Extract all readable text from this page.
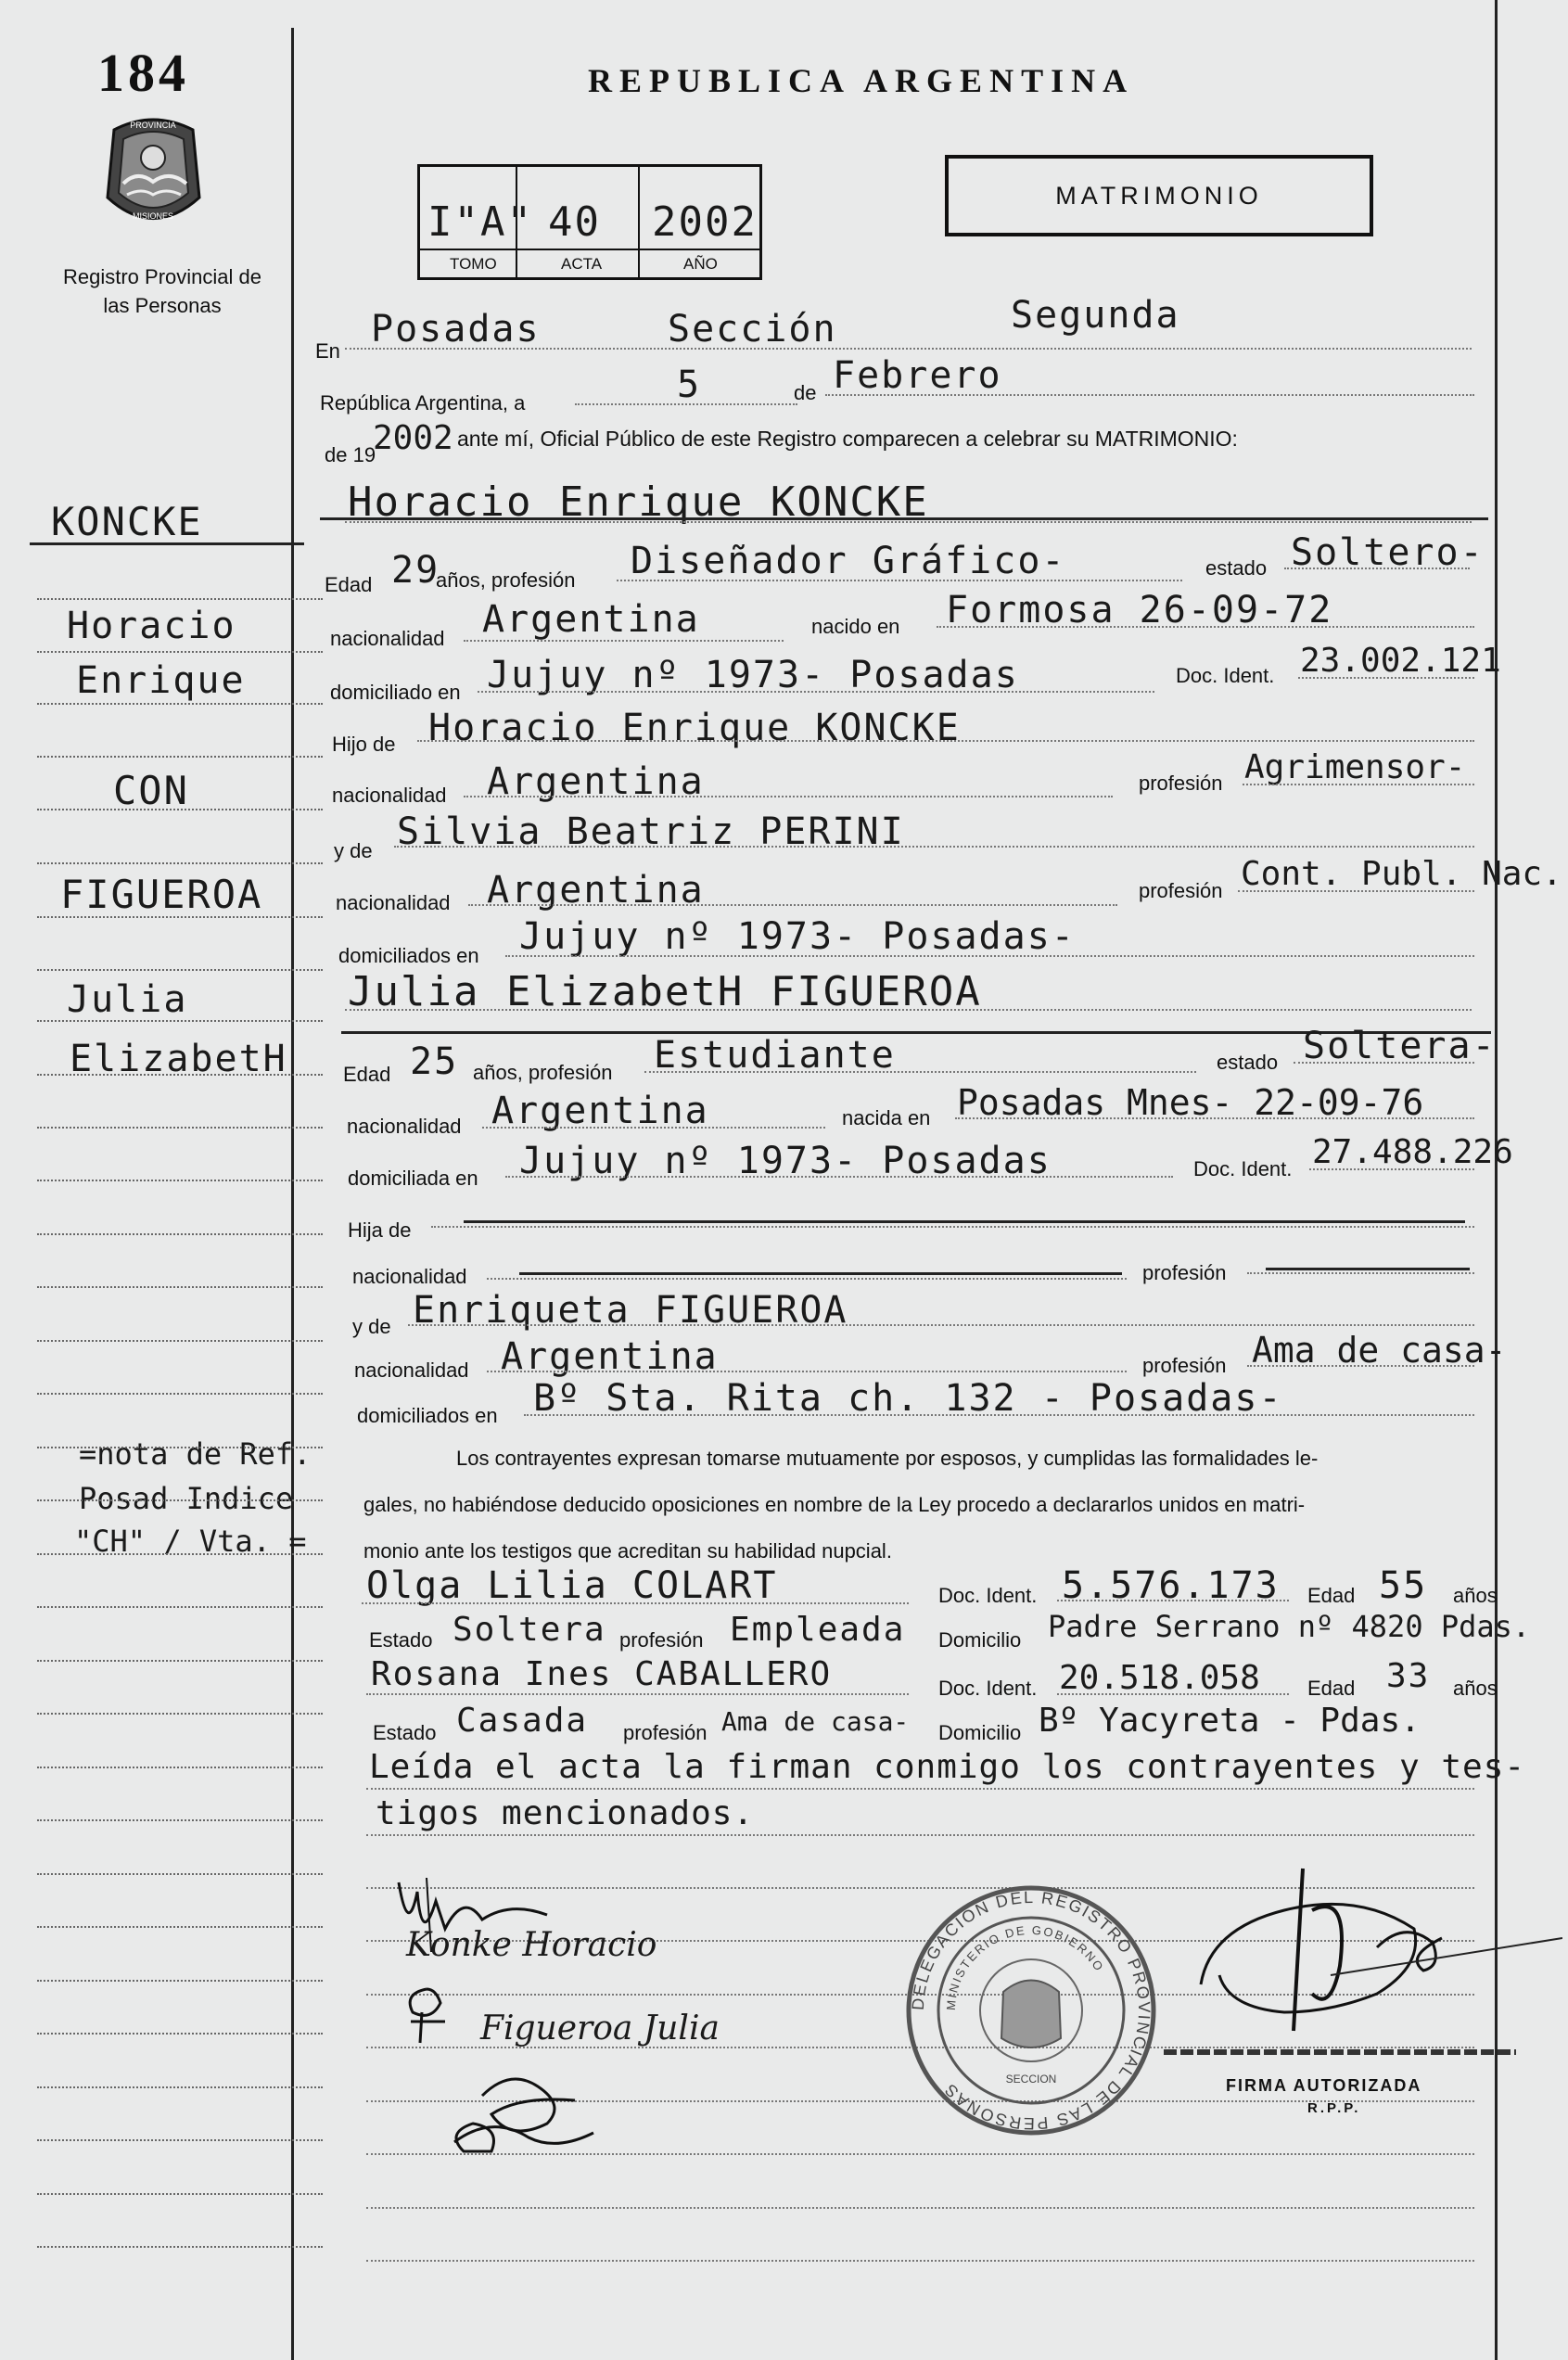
184
PROVINCIA
MISIONES
Registro Provincial de las Personas
REPUBLICA ARGENTINA
I"A" 40 2002
TOMO	ACTA	AÑO
MATRIMONIO
KONCKE
Horacio
Enrique
CON
FIGUEROA
Julia
ElizabetH
=nota de Ref.
Posad Indice
"CH" / Vta. =
En
Posadas	Sección	Segunda
República Argentina, a	5	de Febrero
de 19
2002 ante mí, Oficial Público de este Registro comparecen a celebrar su MATRIMONIO:
Horacio Enrique KONCKE
Edad 29
años, profesión Diseñador Gráfico-	estado Soltero-
nacionalidad Argentina	nacido en Formosa 26-09-72
domiciliado en Jujuy nº 1973- Posadas	Doc. Ident. 23.002.121
Hijo de Horacio Enrique KONCKE
nacionalidad Argentina	profesión Agrimensor-
y de Silvia Beatriz PERINI
nacionalidad Argentina	profesión Cont. Publ. Nac.
domiciliados en Jujuy nº 1973- Posadas-
Julia ElizabetH FIGUEROA
Edad 25 años, profesión Estudiante	estado Soltera-
nacionalidad Argentina	nacida en Posadas Mnes- 22-09-76
domiciliada en Jujuy nº 1973- Posadas	Doc. Ident. 27.488.226
Hija de
nacionalidad	profesión
y de Enriqueta FIGUEROA
nacionalidad Argentina	profesión Ama de casa-
domiciliados en Bº Sta. Rita ch. 132 - Posadas-
Los contrayentes expresan tomarse mutuamente por esposos, y cumplidas las formalidades le-
gales, no habiéndose deducido oposiciones en nombre de la Ley procedo a declararlos unidos en matri-
monio ante los testigos que acreditan su habilidad nupcial.
Olga Lilia COLART	Doc. Ident. 5.576.173 Edad 55 años
Estado Soltera profesión Empleada Domicilio Padre Serrano nº 4820 Pdas.
Rosana Ines CABALLERO	Doc. Ident. 20.518.058 Edad 33 años
Estado Casada profesión Ama de casa- Domicilio Bº Yacyreta - Pdas.
Leída el acta la firman conmigo los contrayentes y tes-
tigos mencionados.
Konke Horacio
Figueroa Julia
DELEGACION DEL REGISTRO PROVINCIAL DE LAS PERSONAS
MINISTERIO DE GOBIERNO
SECCION	FIRMA AUTORIZADA
R.P.P.
